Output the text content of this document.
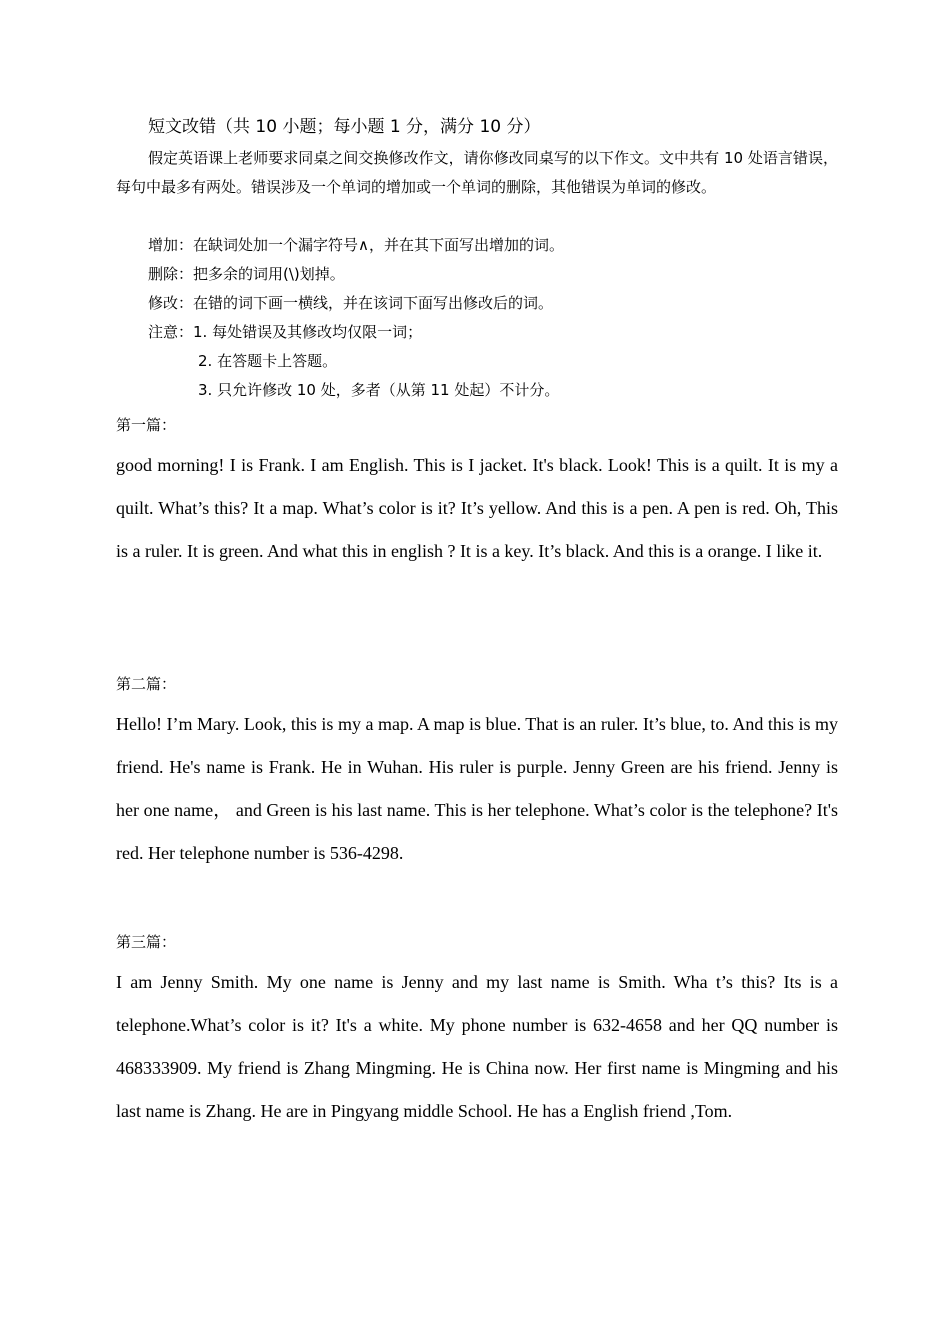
短文改错（共 10 小题；每小题 1 分，满分 10 分）
假定英语课上老师要求同桌之间交换修改作文，请你修改同桌写的以下作文。文中共有 10 处语言错误，每句中最多有两处。错误涉及一个单词的增加或一个单词的删除，其他错误为单词的修改。
增加：在缺词处加一个漏字符号∧，并在其下面写出增加的词。
删除：把多余的词用(\)划掉。
修改：在错的词下画一横线，并在该词下面写出修改后的词。
注意：1. 每处错误及其修改均仅限一词；
2. 在答题卡上答题。
3. 只允许修改 10 处，多者（从第 11 处起）不计分。
第一篇：
good morning! I is Frank. I am English. This is I jacket. It's black. Look! This is a quilt. It is my a quilt. What’s this? It a map. What’s color is it? It’s yellow. And this is a pen. A pen is red. Oh, This is a ruler. It is green. And what this in english ? It is a key. It’s black. And this is a orange. I like it.
第二篇：
Hello! I’m Mary. Look, this is my a map. A map is blue. That is an ruler. It’s blue, to. And this is my friend. He's name is Frank. He in Wuhan. His ruler is purple. Jenny Green are his friend. Jenny is her one name， and Green is his last name. This is her telephone. What’s color is the telephone? It's red. Her telephone number is 536-4298.
第三篇：
I am Jenny Smith. My one name is Jenny and my last name is Smith. Wha t’s this? Its is a telephone.What’s color is it? It's a white. My phone number is 632-4658 and her QQ number is 468333909. My friend is Zhang Mingming. He is China now. Her first name is Mingming and his last name is Zhang. He are in Pingyang middle School. He has a English friend ,Tom.
